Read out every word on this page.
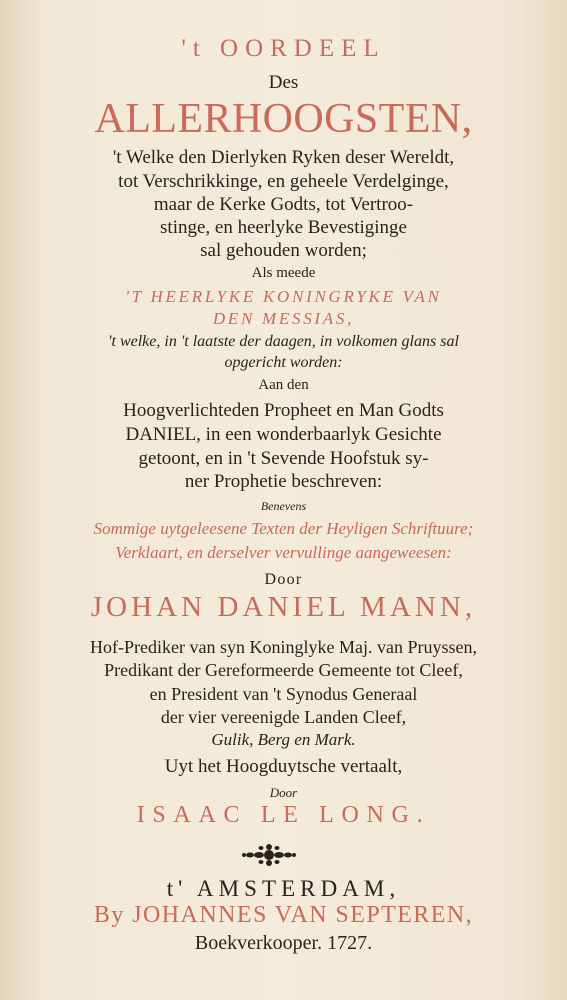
't OORDEEL
Des
ALLERHOOGSTEN,
't Welke den Dierlyken Ryken deser Wereldt,
tot Verschrikkinge, en geheele Verdelginge,
maar de Kerke Godts, tot Vertroo-
stinge, en heerlyke Bevestiginge
sal gehouden worden;
Als meede
'T HEERLYKE KONINGRYKE VAN
DEN MESSIAS,
't welke, in 't laatste der daagen, in volkomen glans sal
opgericht worden:
Aan den
Hoogverlichteden Propheet en Man Godts
DANIEL, in een wonderbaarlyk Gesichte
getoont, en in 't Sevende Hoofstuk sy-
ner Prophetie beschreven:
Benevens
Sommige uytgeleesene Texten der Heyligen Schriftuure;
Verklaart, en derselver vervullinge aangeweesen:
Door
JOHAN DANIEL MANN,
Hof-Prediker van syn Koninglyke Maj. van Pruyssen,
Predikant der Gereformeerde Gemeente tot Cleef,
en President van 't Synodus Generaal
der vier vereenigde Landen Cleef,
Gulik, Berg en Mark.
Uyt het Hoogduytsche vertaalt,
Door
ISAAC LE LONG.
t' AMSTERDAM,
By JOHANNES VAN SEPTEREN,
Boekverkooper. 1727.
